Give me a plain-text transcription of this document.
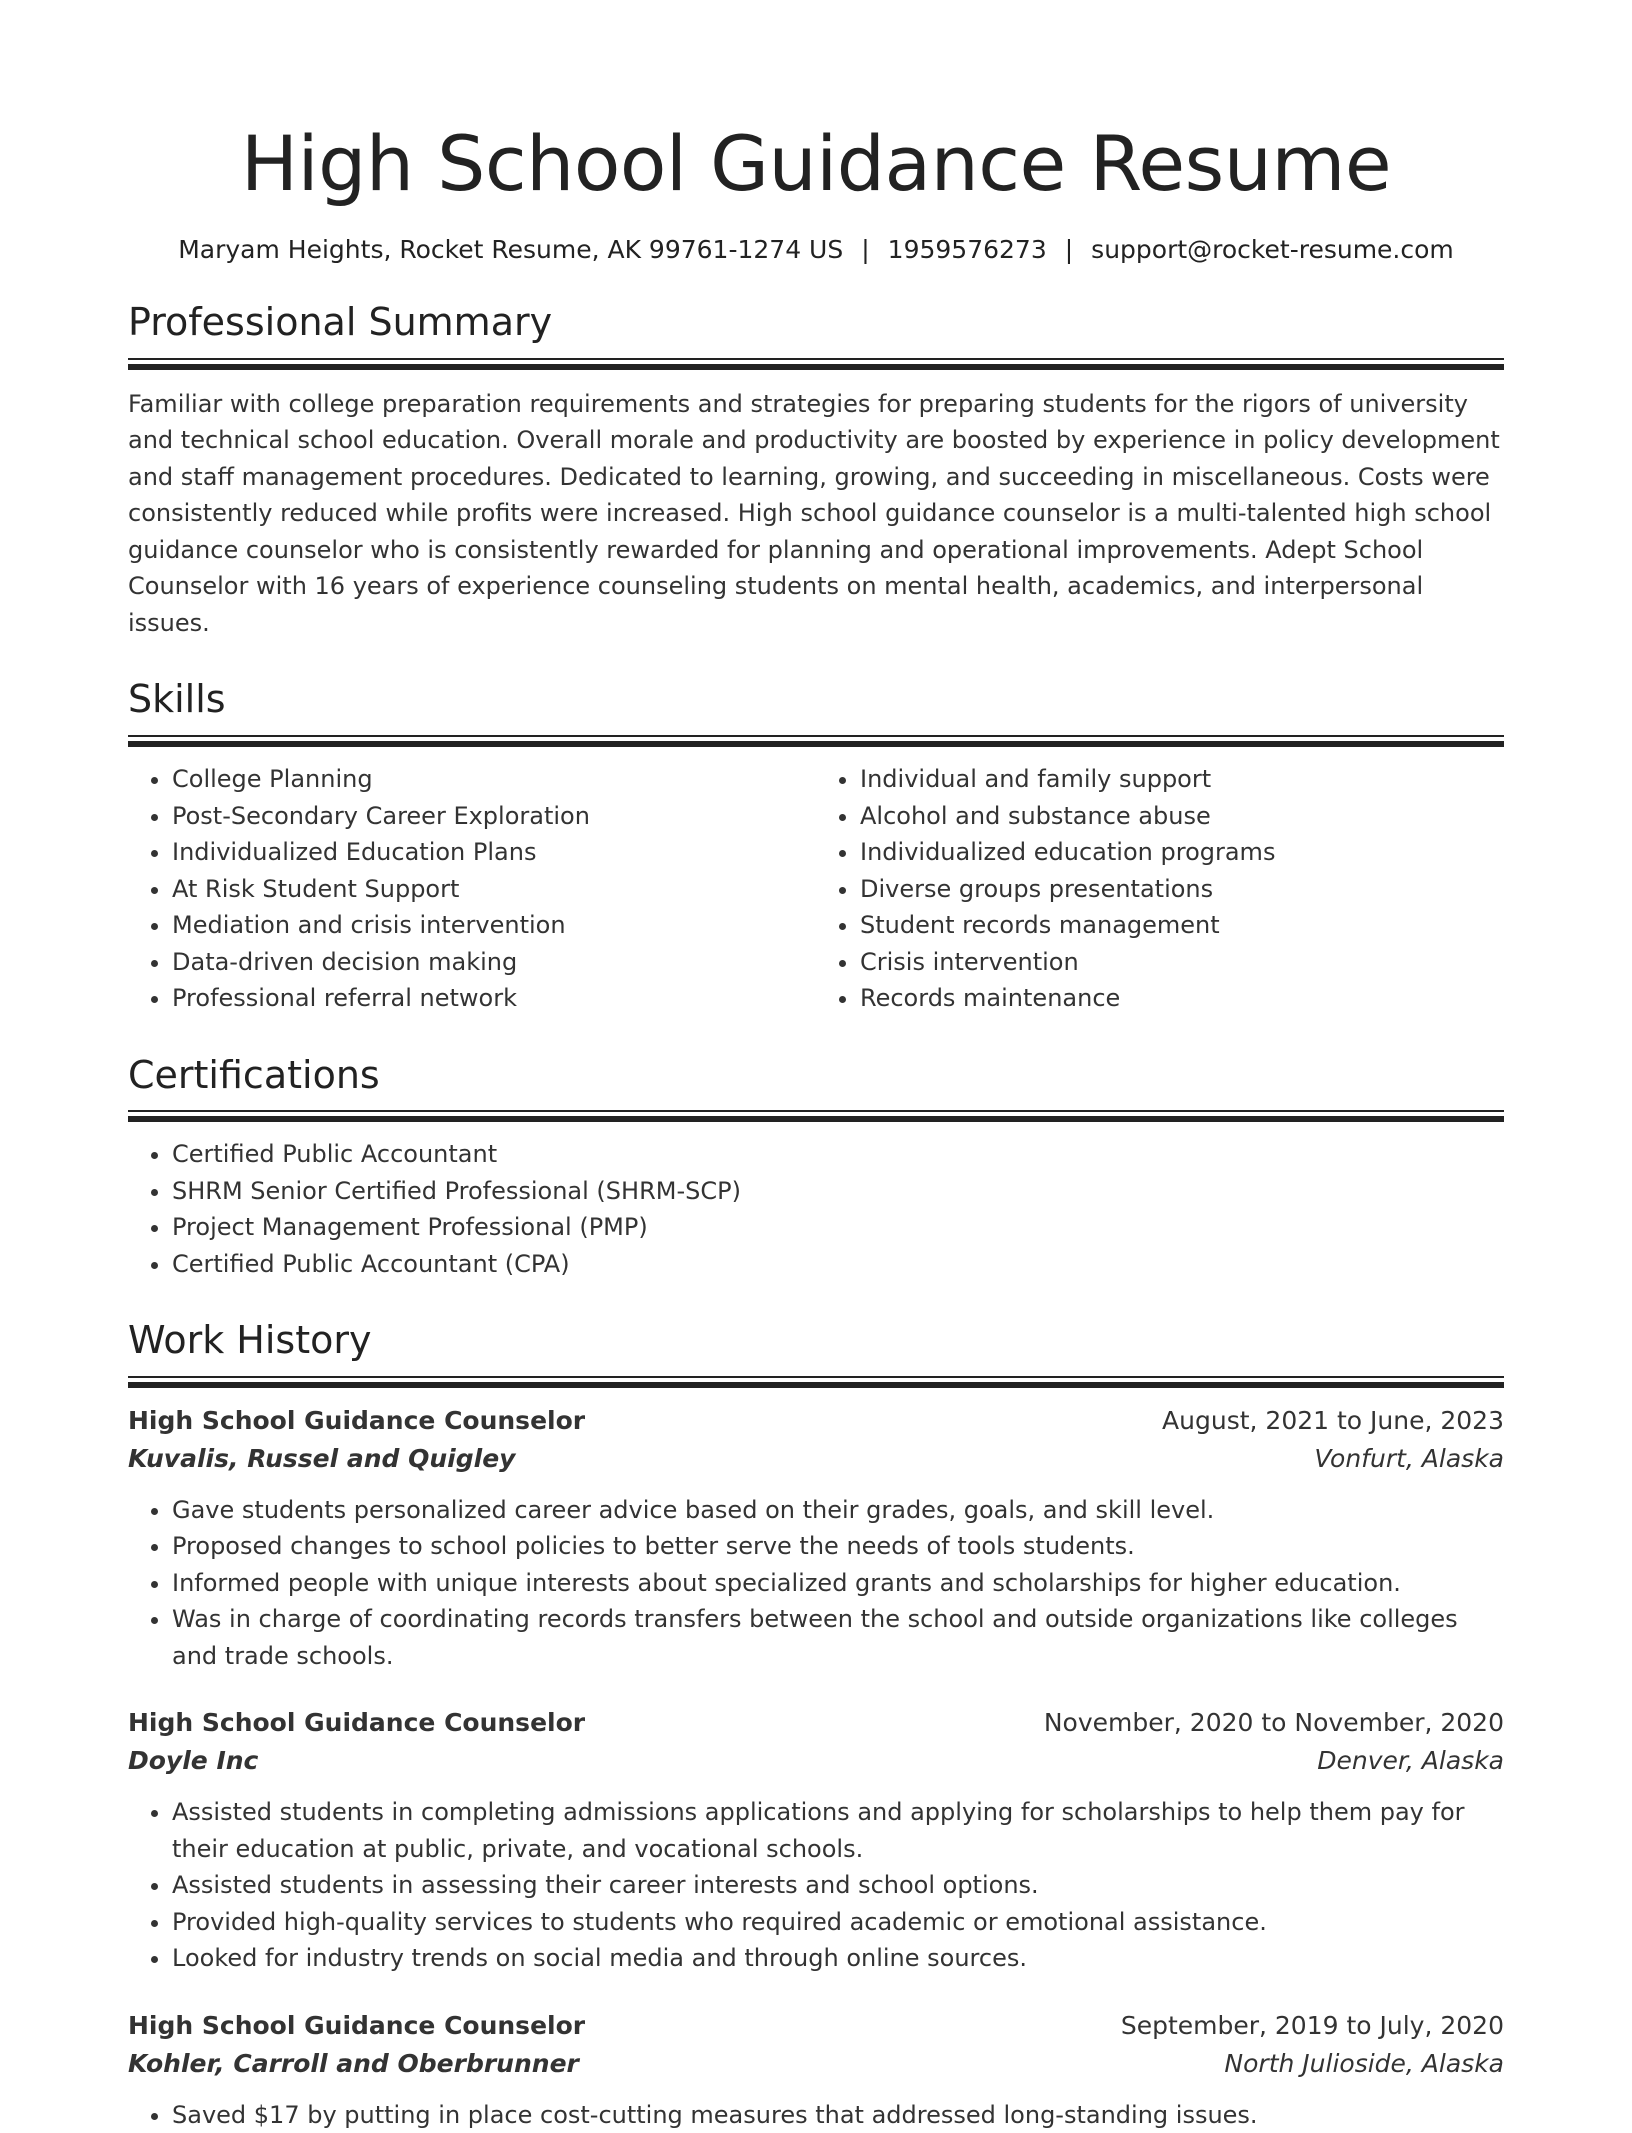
High School Guidance Resume
Maryam Heights, Rocket Resume, AK 99761-1274 US | 1959576273 | support@rocket-resume.com
Professional Summary
Familiar with college preparation requirements and strategies for preparing students for the rigors of university and technical school education. Overall morale and productivity are boosted by experience in policy development and staff management procedures. Dedicated to learning, growing, and succeeding in miscellaneous. Costs were consistently reduced while profits were increased. High school guidance counselor is a multi-talented high school guidance counselor who is consistently rewarded for planning and operational improvements. Adept School Counselor with 16 years of experience counseling students on mental health, academics, and interpersonal issues.
Skills
• College Planning
• Post-Secondary Career Exploration
• Individualized Education Plans
• At Risk Student Support
• Mediation and crisis intervention
• Data-driven decision making
• Professional referral network
• Individual and family support
• Alcohol and substance abuse
• Individualized education programs
• Diverse groups presentations
• Student records management
• Crisis intervention
• Records maintenance
Certifications
• Certified Public Accountant
• SHRM Senior Certified Professional (SHRM-SCP)
• Project Management Professional (PMP)
• Certified Public Accountant (CPA)
Work History
High School Guidance Counselor	August, 2021 to June, 2023
Kuvalis, Russel and Quigley	Vonfurt, Alaska
• Gave students personalized career advice based on their grades, goals, and skill level.
• Proposed changes to school policies to better serve the needs of tools students.
• Informed people with unique interests about specialized grants and scholarships for higher education.
• Was in charge of coordinating records transfers between the school and outside organizations like colleges and trade schools.
High School Guidance Counselor	November, 2020 to November, 2020
Doyle Inc	Denver, Alaska
• Assisted students in completing admissions applications and applying for scholarships to help them pay for their education at public, private, and vocational schools.
• Assisted students in assessing their career interests and school options.
• Provided high-quality services to students who required academic or emotional assistance.
• Looked for industry trends on social media and through online sources.
High School Guidance Counselor	September, 2019 to July, 2020
Kohler, Carroll and Oberbrunner	North Julioside, Alaska
• Saved $17 by putting in place cost-cutting measures that addressed long-standing issues.
